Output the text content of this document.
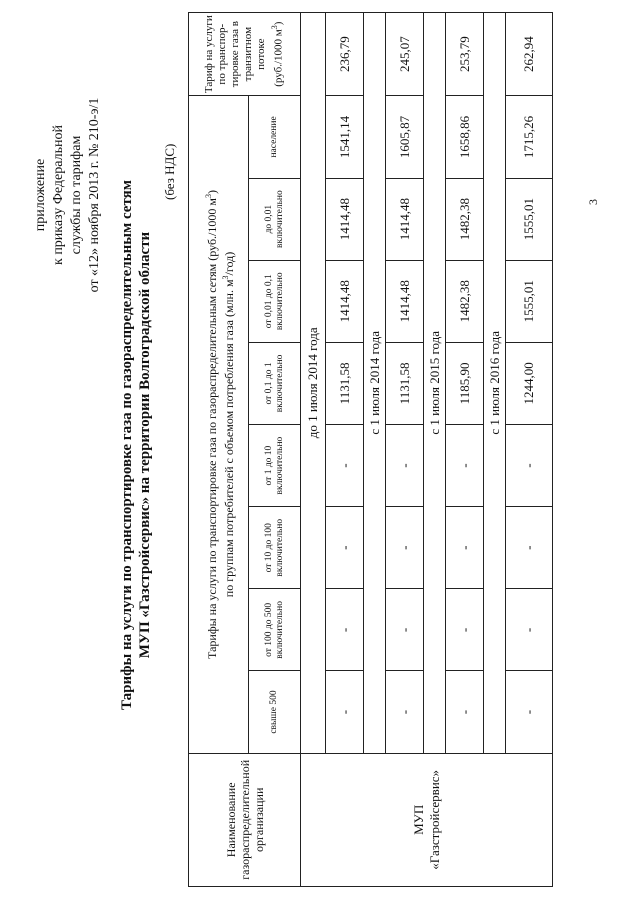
приложение к приказу Федеральной службы по тарифам от «12» ноября 2013 г. № 210-э/1 Тарифы на услуги по транспортировке газа по газораспределительным сетям МУП «Газстройсервис» на территории Волгоградской области
(без НДС)
Наименование газораспределительной организации	Тарифы на услуги по транспортировке газа по газораспределительным сетям (руб./1000 $м^3$)
по группам потребителей с объемом потребления газа (млн. $м^3/год$)								Тариф на услуги по транспор-тировке газа в транзитном потоке (руб./1000 $м^3$)
	свыше 500	от 100 до 500 включительно	от 10 до 100 включительно	от 1 до 10 включительно	от 0,1 до 1 включительно	от 0,01 до 0,1 включительно	до 0,01 включительно	население	
МУП «Газстройсервис»	до 1 июля 2014 года								
	-	-	-	-	1131,58	1414,48	1414,48	1541,14	236,79
	с 1 июля 2014 года								
	-	-	-	-	1131,58	1414,48	1414,48	1605,87	245,07
	с 1 июля 2015 года								
	-	-	-	-	1185,90	1482,38	1482,38	1658,86	253,79
	с 1 июля 2016 года								
	-	-	-	-	1244,00	1555,01	1555,01	1715,26	262,94
3
